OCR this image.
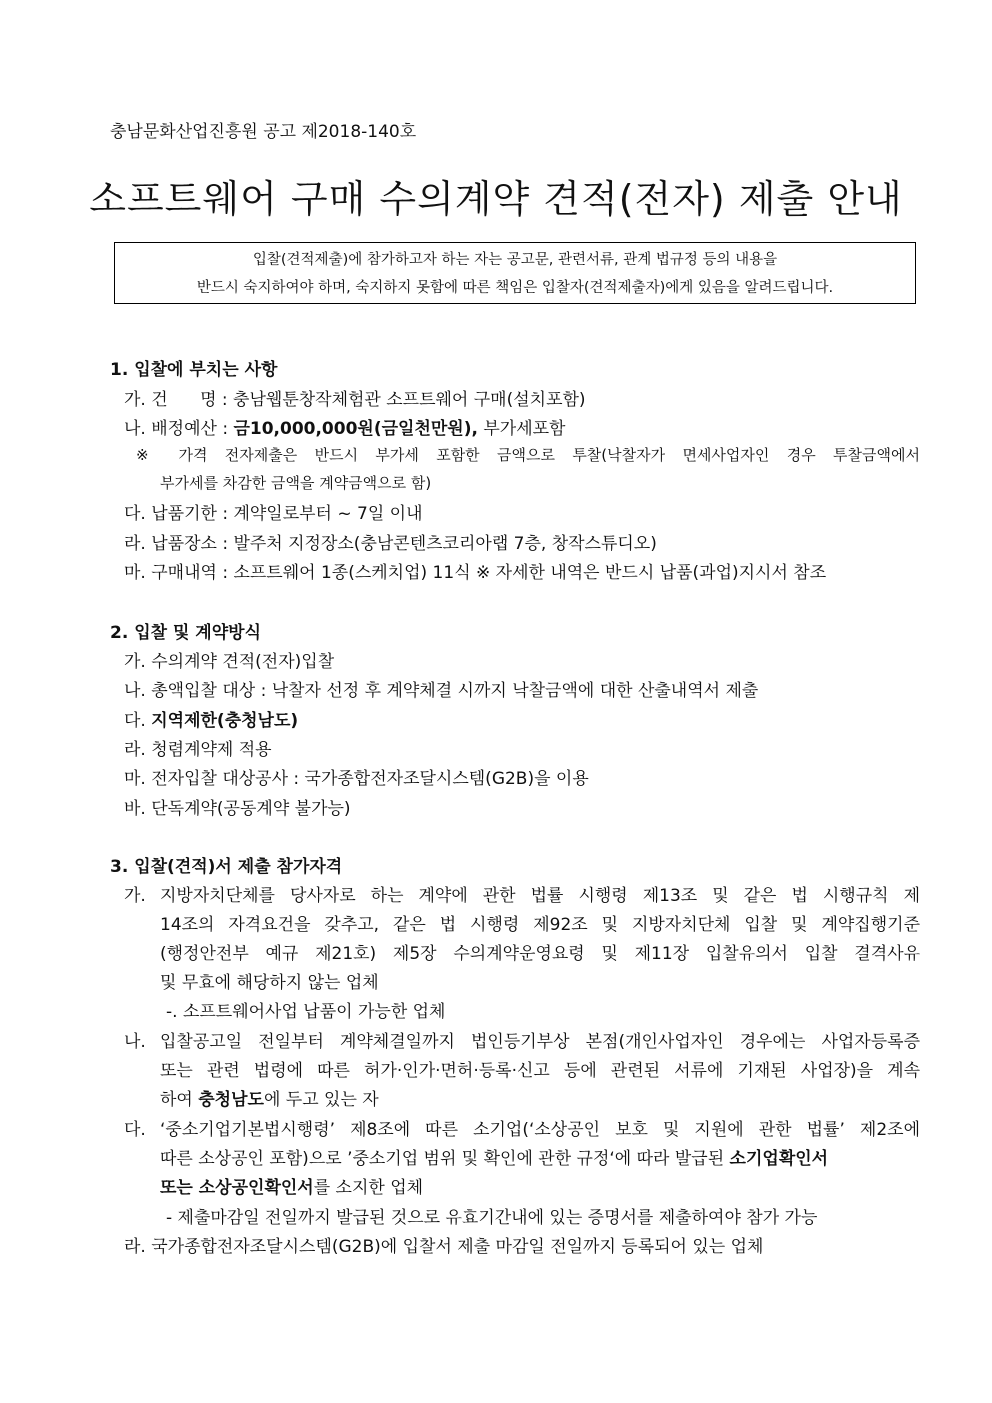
충남문화산업진흥원 공고 제2018-140호
소프트웨어 구매 수의계약 견적(전자) 제출 안내
입찰(견적제출)에 참가하고자 하는 자는 공고문, 관련서류, 관계 법규정 등의 내용을
반드시 숙지하여야 하며, 숙지하지 못함에 따른 책임은 입찰자(견적제출자)에게 있음을 알려드립니다.
1. 입찰에 부치는 사항
가. 건      명 : 충남웹툰창작체험관 소프트웨어 구매(설치포함)
나. 배정예산 : 금10,000,000원(금일천만원), 부가세포함
※ 가격 전자제출은 반드시 부가세 포함한 금액으로 투찰(낙찰자가 면세사업자인 경우 투찰금액에서
부가세를 차감한 금액을 계약금액으로 함)
다. 납품기한 : 계약일로부터 ~ 7일 이내
라. 납품장소 : 발주처 지정장소(충남콘텐츠코리아랩 7층, 창작스튜디오)
마. 구매내역 : 소프트웨어 1종(스케치업) 11식 ※ 자세한 내역은 반드시 납품(과업)지시서 참조
2. 입찰 및 계약방식
가. 수의계약 견적(전자)입찰
나. 총액입찰 대상 : 낙찰자 선정 후 계약체결 시까지 낙찰금액에 대한 산출내역서 제출
다. 지역제한(충청남도)
라. 청렴계약제 적용
마. 전자입찰 대상공사 : 국가종합전자조달시스템(G2B)을 이용
바. 단독계약(공동계약 불가능)
3. 입찰(견적)서 제출 참가자격
가. 지방자치단체를 당사자로 하는 계약에 관한 법률 시행령 제13조 및 같은 법 시행규칙 제
14조의 자격요건을 갖추고, 같은 법 시행령 제92조 및 지방자치단체 입찰 및 계약집행기준
(행정안전부 예규 제21호) 제5장 수의계약운영요령 및 제11장 입찰유의서 입찰 결격사유
및 무효에 해당하지 않는 업체
-. 소프트웨어사업 납품이 가능한 업체
나. 입찰공고일 전일부터 계약체결일까지 법인등기부상 본점(개인사업자인 경우에는 사업자등록증
또는 관련 법령에 따른 허가·인가·면허·등록·신고 등에 관련된 서류에 기재된 사업장)을 계속
하여 충청남도에 두고 있는 자
다. ‘중소기업기본법시행령’ 제8조에 따른 소기업(‘소상공인 보호 및 지원에 관한 법률’ 제2조에
따른 소상공인 포함)으로 ’중소기업 범위 및 확인에 관한 규정‘에 따라 발급된 소기업확인서
또는 소상공인확인서를 소지한 업체
- 제출마감일 전일까지 발급된 것으로 유효기간내에 있는 증명서를 제출하여야 참가 가능
라. 국가종합전자조달시스템(G2B)에 입찰서 제출 마감일 전일까지 등록되어 있는 업체
